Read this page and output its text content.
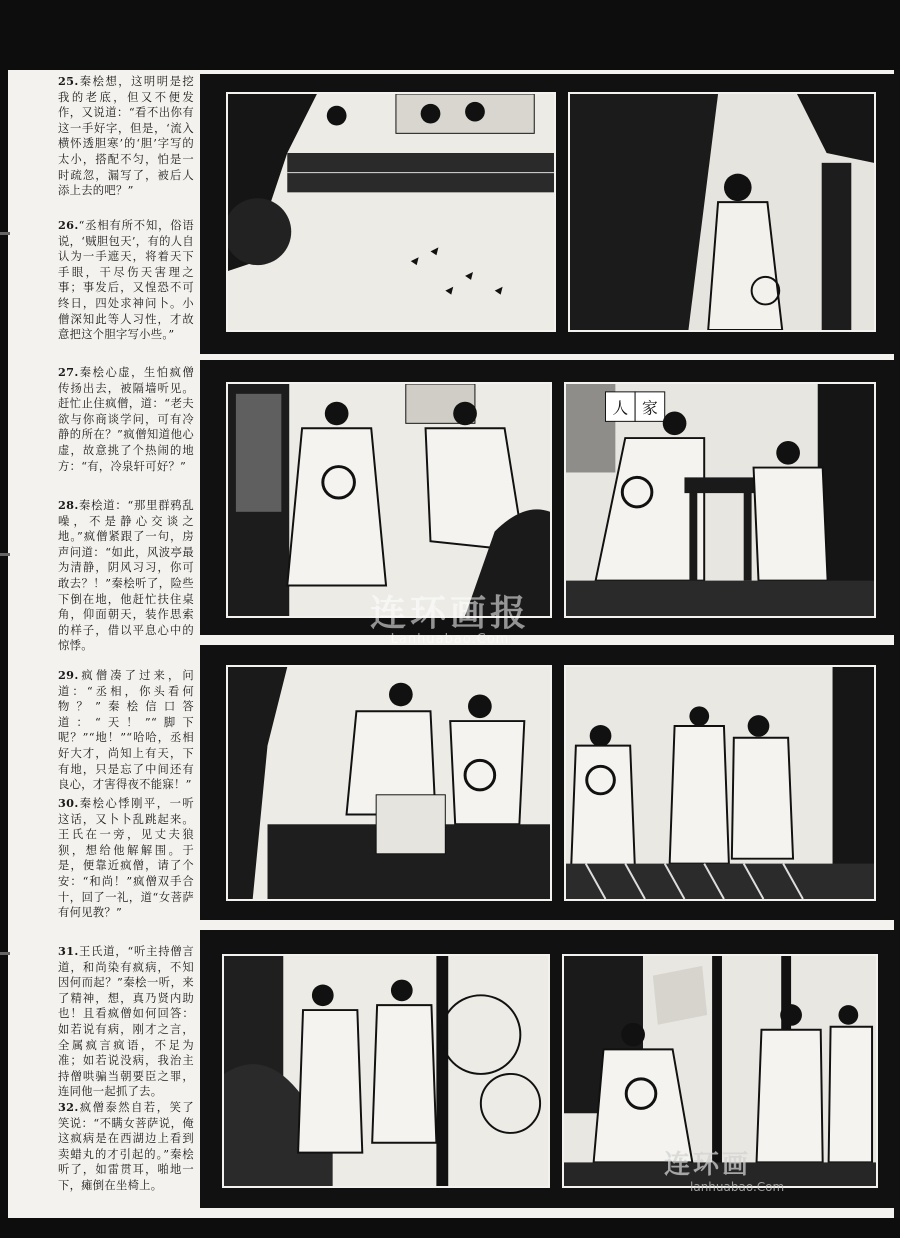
25.秦桧想，这明明是挖我的老底，但又不便发作，又说道：“看不出你有这一手好字，但是，‘流入横怀透胆寒’的‘胆’字写的太小，搭配不匀，怕是一时疏忽，漏写了，被后人添上去的吧？”

26.“丞相有所不知，俗语说，‘贼胆包天’，有的人自认为一手遮天，将着天下手眼，干尽伤天害理之事；事发后，又惶恐不可终日，四处求神问卜。小僧深知此等人习性，才故意把这个胆字写小些。”

27.秦桧心虚，生怕疯僧传扬出去，被隔墙听见。赶忙止住疯僧，道：“老夫欲与你商谈学问，可有冷静的所在？”疯僧知道他心虚，故意挑了个热闹的地方：“有，冷泉轩可好？”

28.秦桧道：“那里群鸦乱噪，不是静心交谈之地。”疯僧紧跟了一句，房声问道：“如此，风波亭最为清静，阴风习习，你可敢去？！”秦桧听了，险些下倒在地，他赶忙扶住桌角，仰面朝天，装作思索的样子，借以平息心中的惊悸。

29.疯僧凑了过来，问道：“丞相，你头看何物？”秦桧信口答道：“天！”“脚下呢？”“地！”“哈哈，丞相好大才，尚知上有天，下有地，只是忘了中间还有良心，才害得夜不能寐！”

30.秦桧心悸刚平，一听这话，又卜卜乱跳起来。王氏在一旁，见丈夫狼狈，想给他解解围。于是，便靠近疯僧，请了个安：“和尚！”疯僧双手合十，回了一礼，道“女菩萨有何见教？”

31.王氏道，“听主持僧言道，和尚染有疯病，不知因何而起？”秦桧一听，来了精神，想，真乃贤内助也！且看疯僧如何回答：如若说有病，刚才之言，全属疯言疯语，不足为准；如若说没病，我治主持僧哄骗当朝要臣之罪，连同他一起抓了去。

32.疯僧泰然自若，笑了笑说：“不瞒女菩萨说，俺这疯病是在西湖边上看到卖蜡丸的才引起的。”秦桧听了，如雷贯耳，啪地一下，瘫倒在坐椅上。

人 家
连环画报
Lanhuabao.Com
连环画
lanhuabao.Com
